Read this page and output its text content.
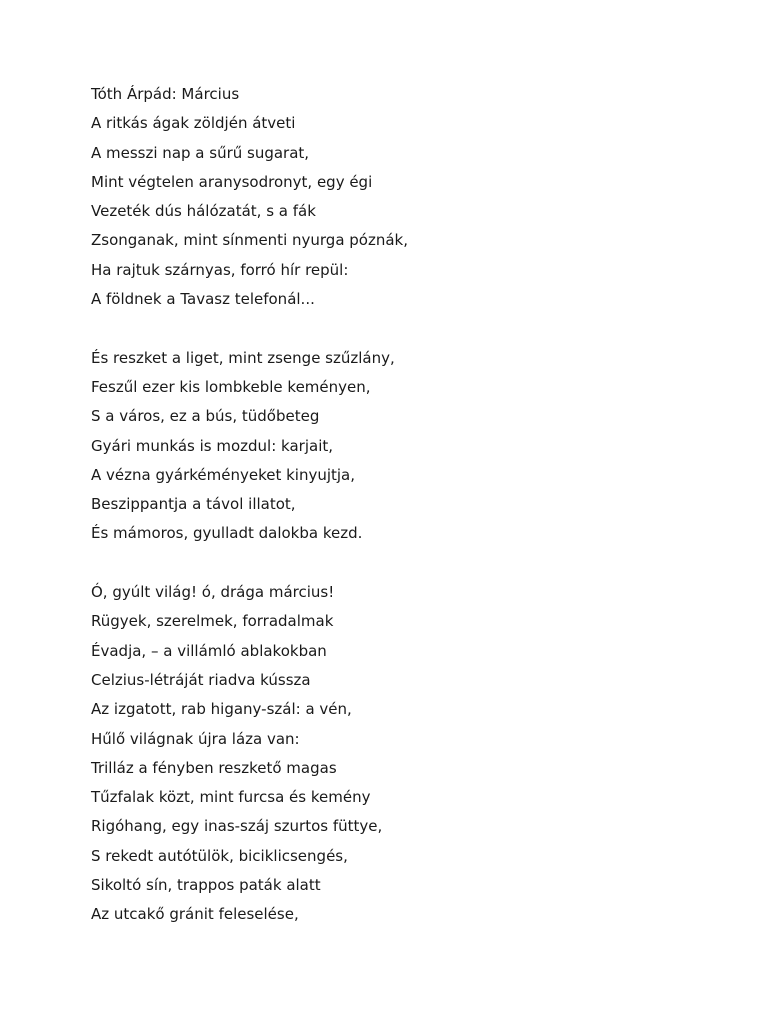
Tóth Árpád: Március
A ritkás ágak zöldjén átveti
A messzi nap a sűrű sugarat,
Mint végtelen aranysodronyt, egy égi
Vezeték dús hálózatát, s a fák
Zsonganak, mint sínmenti nyurga póznák,
Ha rajtuk szárnyas, forró hír repül:
A földnek a Tavasz telefonál...
És reszket a liget, mint zsenge szűzlány,
Feszűl ezer kis lombkeble keményen,
S a város, ez a bús, tüdőbeteg
Gyári munkás is mozdul: karjait,
A vézna gyárkéményeket kinyujtja,
Beszippantja a távol illatot,
És mámoros, gyulladt dalokba kezd.
Ó, gyúlt világ! ó, drága március!
Rügyek, szerelmek, forradalmak
Évadja, – a villámló ablakokban
Celzius-létráját riadva kússza
Az izgatott, rab higany-szál: a vén,
Hűlő világnak újra láza van:
Trilláz a fényben reszkető magas
Tűzfalak közt, mint furcsa és kemény
Rigóhang, egy inas-száj szurtos füttye,
S rekedt autótülök, biciklicsengés,
Sikoltó sín, trappos paták alatt
Az utcakő gránit feleselése,
